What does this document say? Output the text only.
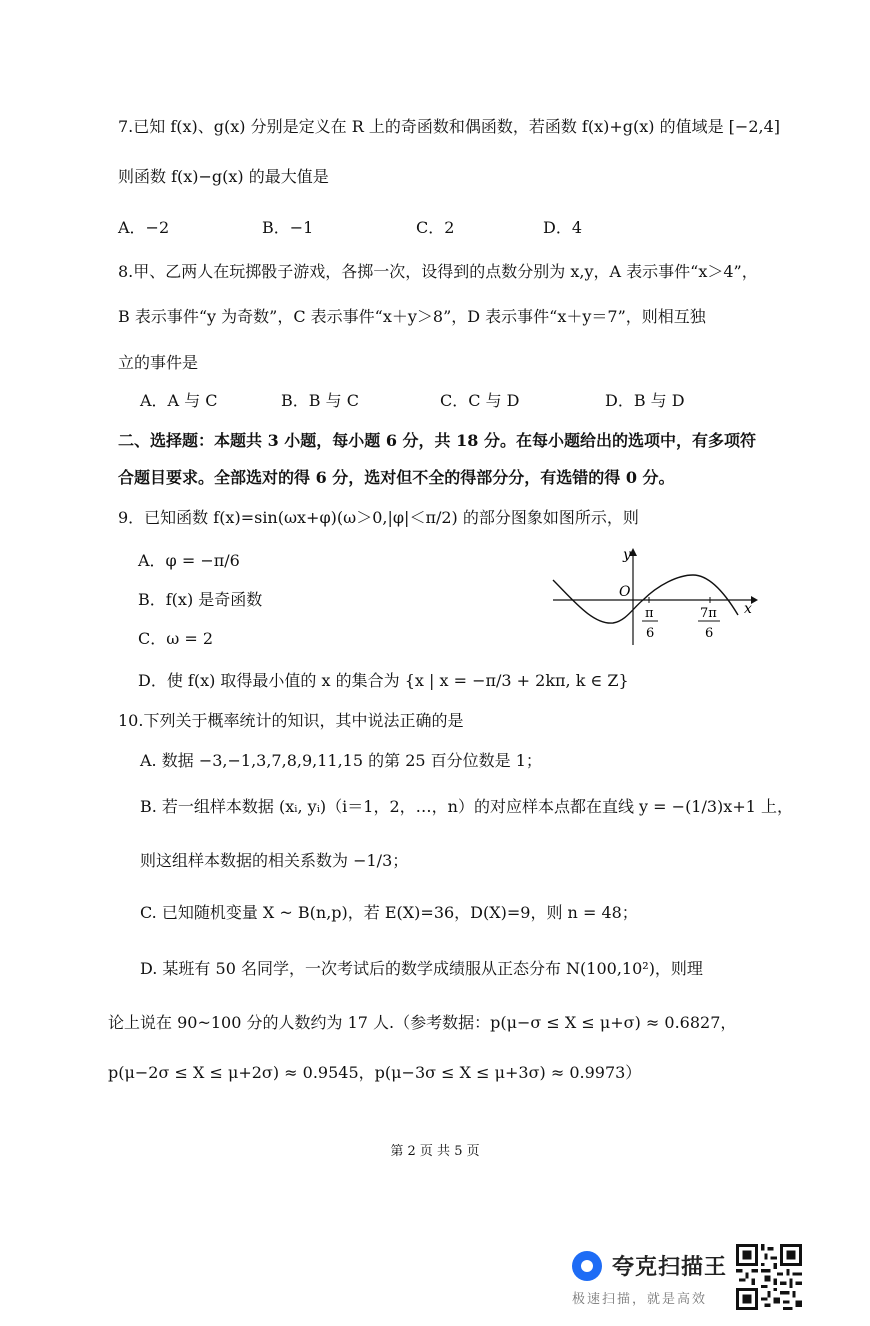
7.已知 f(x)、g(x) 分别是定义在 R 上的奇函数和偶函数，若函数 f(x)+g(x) 的值域是 [−2,4]
则函数 f(x)−g(x) 的最大值是
A．−2	B．−1	C．2	D．4
8.甲、乙两人在玩掷骰子游戏，各掷一次，设得到的点数分别为 x,y，A 表示事件“x＞4”，
B 表示事件“y 为奇数”，C 表示事件“x＋y＞8”，D 表示事件“x＋y＝7”，则相互独
立的事件是
A．A 与 C	B．B 与 C	C．C 与 D	D．B 与 D
二、选择题：本题共 3 小题，每小题 6 分，共 18 分。在每小题给出的选项中，有多项符
合题目要求。全部选对的得 6 分，选对但不全的得部分分，有选错的得 0 分。
9．已知函数 f(x)=sin(ωx+φ)(ω＞0,|φ|＜π/2) 的部分图象如图所示，则
A．φ = −π/6
B．f(x) 是奇函数
C．ω = 2
D．使 f(x) 取得最小值的 x 的集合为 {x | x = −π/3 + 2kπ, k ∈ Z}
y
x
O
π
6
7π
6
10.下列关于概率统计的知识，其中说法正确的是
A. 数据 −3,−1,3,7,8,9,11,15 的第 25 百分位数是 1；
B. 若一组样本数据 (xᵢ, yᵢ)（i＝1，2，…，n）的对应样本点都在直线 y = −(1/3)x+1 上，
则这组样本数据的相关系数为 −1/3；
C. 已知随机变量 X ~ B(n,p)，若 E(X)=36，D(X)=9，则 n = 48；
D. 某班有 50 名同学，一次考试后的数学成绩服从正态分布 N(100,10²)，则理
论上说在 90~100 分的人数约为 17 人.（参考数据：p(μ−σ ≤ X ≤ μ+σ) ≈ 0.6827，
p(μ−2σ ≤ X ≤ μ+2σ) ≈ 0.9545，p(μ−3σ ≤ X ≤ μ+3σ) ≈ 0.9973）
第 2 页 共 5 页
夸克扫描王
极速扫描，就是高效
